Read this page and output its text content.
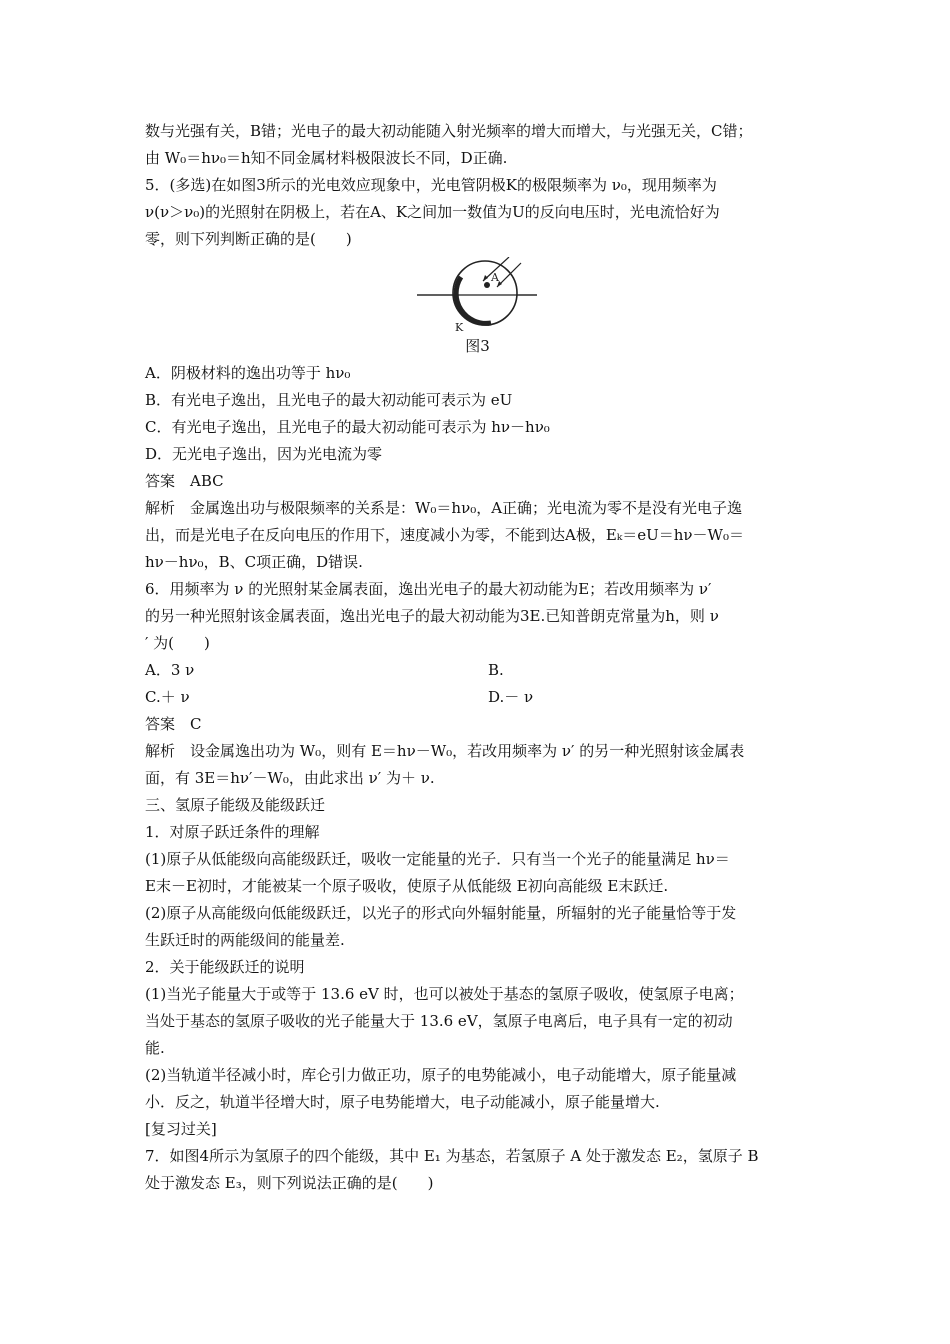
数与光强有关，B错；光电子的最大初动能随入射光频率的增大而增大，与光强无关，C错；
由 W₀＝hν₀＝h知不同金属材料极限波长不同，D正确.
5．(多选)在如图3所示的光电效应现象中，光电管阴极K的极限频率为 ν₀，现用频率为
ν(ν＞ν₀)的光照射在阴极上，若在A、K之间加一数值为U的反向电压时，光电流恰好为
零，则下列判断正确的是(　　)
A
K
图3
A．阴极材料的逸出功等于 hν₀
B．有光电子逸出，且光电子的最大初动能可表示为 eU
C．有光电子逸出，且光电子的最大初动能可表示为 hν－hν₀
D．无光电子逸出，因为光电流为零
答案　ABC
解析　金属逸出功与极限频率的关系是：W₀＝hν₀，A正确；光电流为零不是没有光电子逸
出，而是光电子在反向电压的作用下，速度减小为零，不能到达A极，Eₖ＝eU＝hν－W₀＝
hν－hν₀，B、C项正确，D错误.
6．用频率为 ν 的光照射某金属表面，逸出光电子的最大初动能为E；若改用频率为 ν′
的另一种光照射该金属表面，逸出光电子的最大初动能为3E.已知普朗克常量为h，则 ν
′ 为(　　)
A．3 ν	B.
C.＋ ν	D.－ ν
答案　C
解析　设金属逸出功为 W₀，则有 E＝hν－W₀，若改用频率为 ν′ 的另一种光照射该金属表
面，有 3E＝hν′－W₀，由此求出 ν′ 为＋ ν.
三、氢原子能级及能级跃迁
1．对原子跃迁条件的理解
(1)原子从低能级向高能级跃迁，吸收一定能量的光子．只有当一个光子的能量满足 hν＝
E末－E初时，才能被某一个原子吸收，使原子从低能级 E初向高能级 E末跃迁.
(2)原子从高能级向低能级跃迁，以光子的形式向外辐射能量，所辐射的光子能量恰等于发
生跃迁时的两能级间的能量差.
2．关于能级跃迁的说明
(1)当光子能量大于或等于 13.6 eV 时，也可以被处于基态的氢原子吸收，使氢原子电离；
当处于基态的氢原子吸收的光子能量大于 13.6 eV，氢原子电离后，电子具有一定的初动
能.
(2)当轨道半径减小时，库仑引力做正功，原子的电势能减小，电子动能增大，原子能量减
小．反之，轨道半径增大时，原子电势能增大，电子动能减小，原子能量增大.
[复习过关]
7．如图4所示为氢原子的四个能级，其中 E₁ 为基态，若氢原子 A 处于激发态 E₂，氢原子 B
处于激发态 E₃，则下列说法正确的是(　　)
